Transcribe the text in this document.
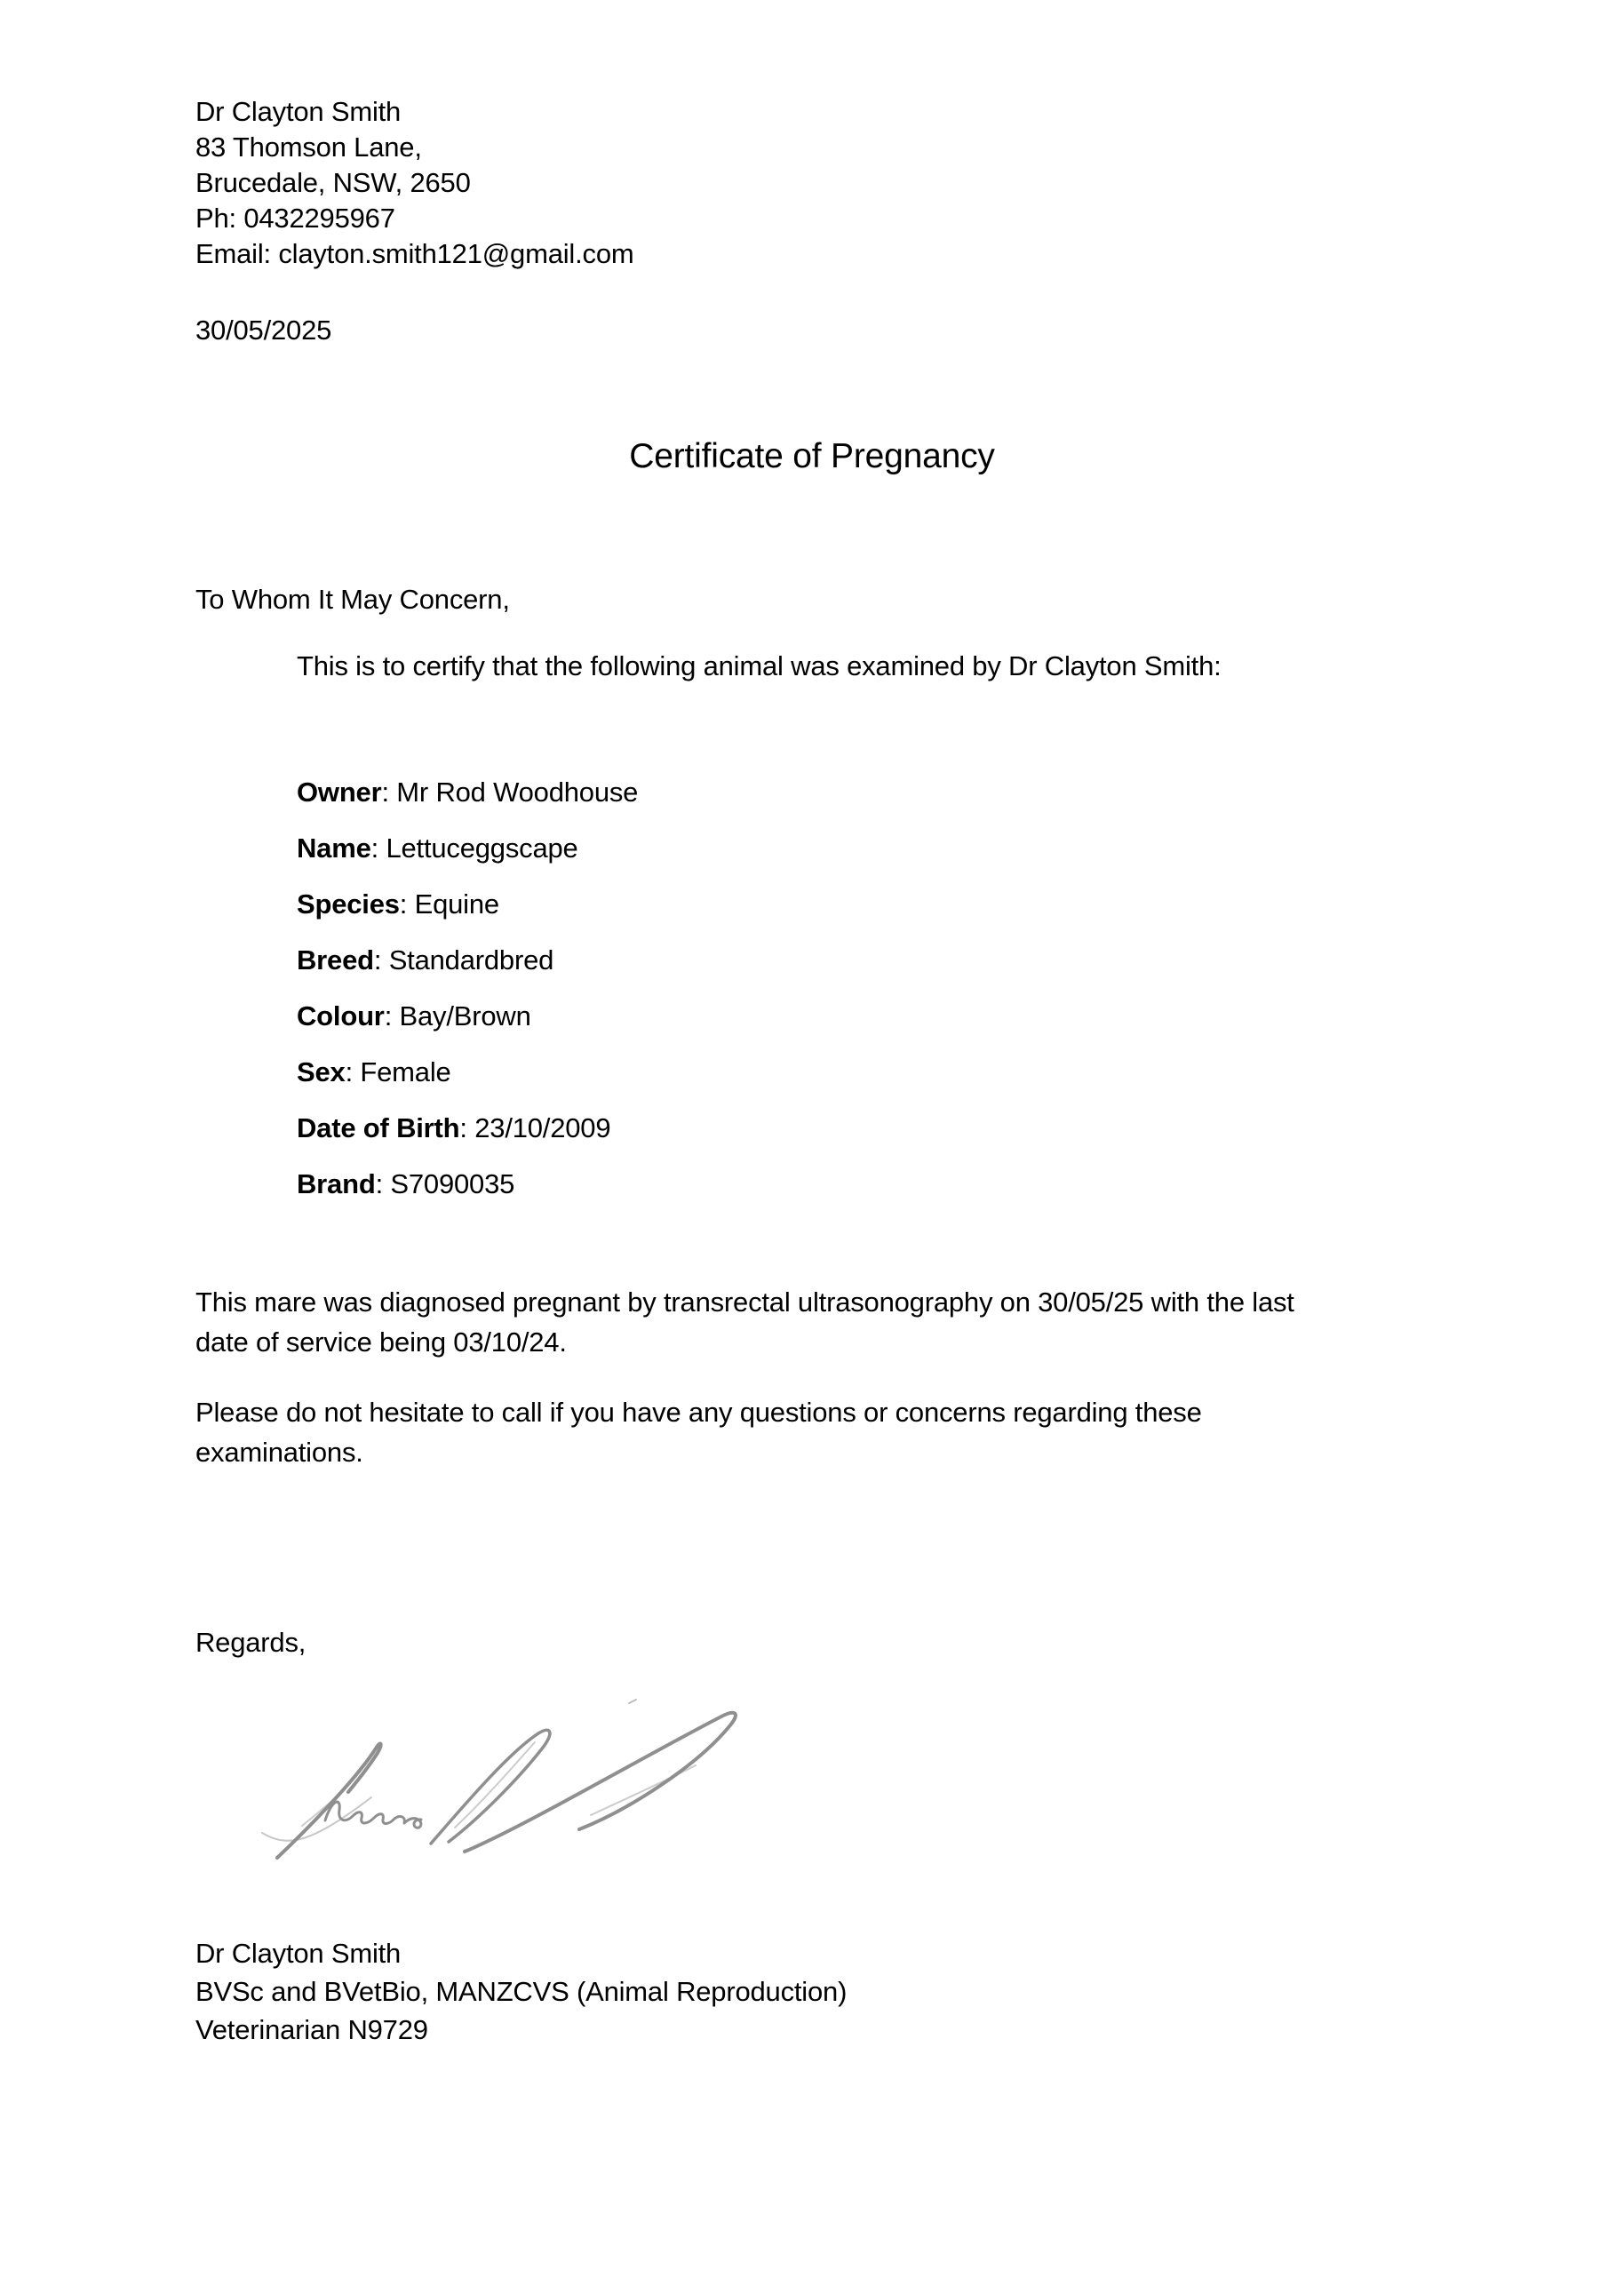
Dr Clayton Smith
83 Thomson Lane,
Brucedale, NSW, 2650
Ph: 0432295967
Email: clayton.smith121@gmail.com
30/05/2025
Certificate of Pregnancy
To Whom It May Concern,
This is to certify that the following animal was examined by Dr Clayton Smith:
Owner: Mr Rod Woodhouse
Name: Lettuceggscape
Species: Equine
Breed: Standardbred
Colour: Bay/Brown
Sex: Female
Date of Birth: 23/10/2009
Brand: S7090035
This mare was diagnosed pregnant by transrectal ultrasonography on 30/05/25 with the last
date of service being 03/10/24.
Please do not hesitate to call if you have any questions or concerns regarding these
examinations.
Regards,
Dr Clayton Smith
BVSc and BVetBio, MANZCVS (Animal Reproduction)
Veterinarian N9729
